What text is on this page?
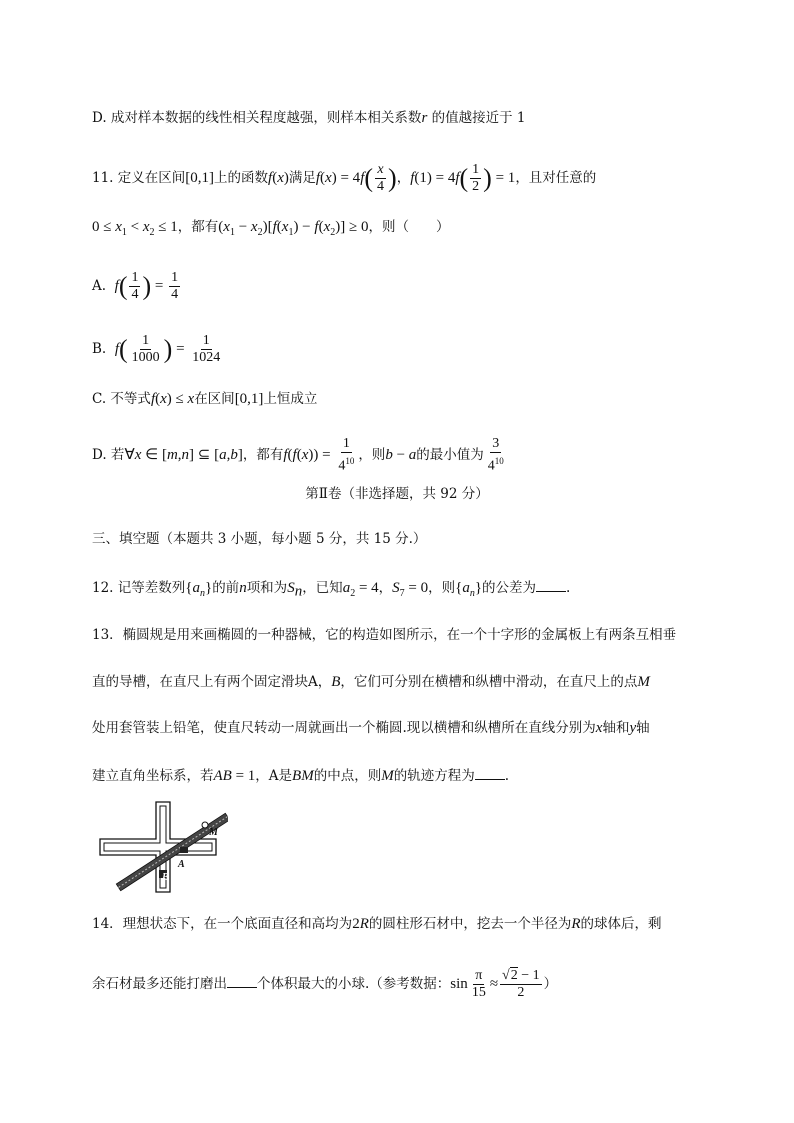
D. 成对样本数据的线性相关程度越强，则样本相关系数r 的值越接近于 1
11. 定义在区间[0,1]上的函数f(x)满足$f(x) = 4f( \frac{x}{4}$ )，$f(1) = 4f( \frac{1}{2}$ ) = 1，且对任意的
$0 \le x_1 < x_2 \le 1$，都有$(x_1 - x_2)[f(x_1) - f(x_2)] \ge 0$，则（　　）
A. $f( \frac{1}{4}$ ) = $\frac{1}{4}$
B. $f( \frac{1}{1000}$ ) = $\frac{1}{1024}$
C. 不等式f(x) ≤ x在区间[0,1]上恒成立
D. 若∀x ∈ [m,n] ⊆ [a,b]，都有$f(f(x)) = \frac{1}{4^{10}}$ ，则b − a的最小值为 $\frac{3}{4^{10}}$
第Ⅱ卷（非选择题，共 92 分）
三、填空题（本题共 3 小题，每小题 5 分，共 15 分.）
12. 记等差数列$\{a_n\}$的前n项和为$S_n$，已知$a_2 = 4$，$S_7 = 0$，则$\{a_n\}$的公差为 .
13．椭圆规是用来画椭圆的一种器械，它的构造如图所示，在一个十字形的金属板上有两条互相垂
直的导槽，在直尺上有两个固定滑块A，B，它们可分别在横槽和纵槽中滑动，在直尺上的点M
处用套管装上铅笔，使直尺转动一周就画出一个椭圆.现以横槽和纵槽所在直线分别为x轴和y轴
建立直角坐标系，若AB = 1，A是BM的中点，则M的轨迹方程为 .
M
A
B
14．理想状态下，在一个底面直径和高均为2R的圆柱形石材中，挖去一个半径为R的球体后，剩
余石材最多还能打磨出 个体积最大的小球.（参考数据：$\sin \frac{\pi}{15} \approx \frac{√2 - 1}{2}$ ）
